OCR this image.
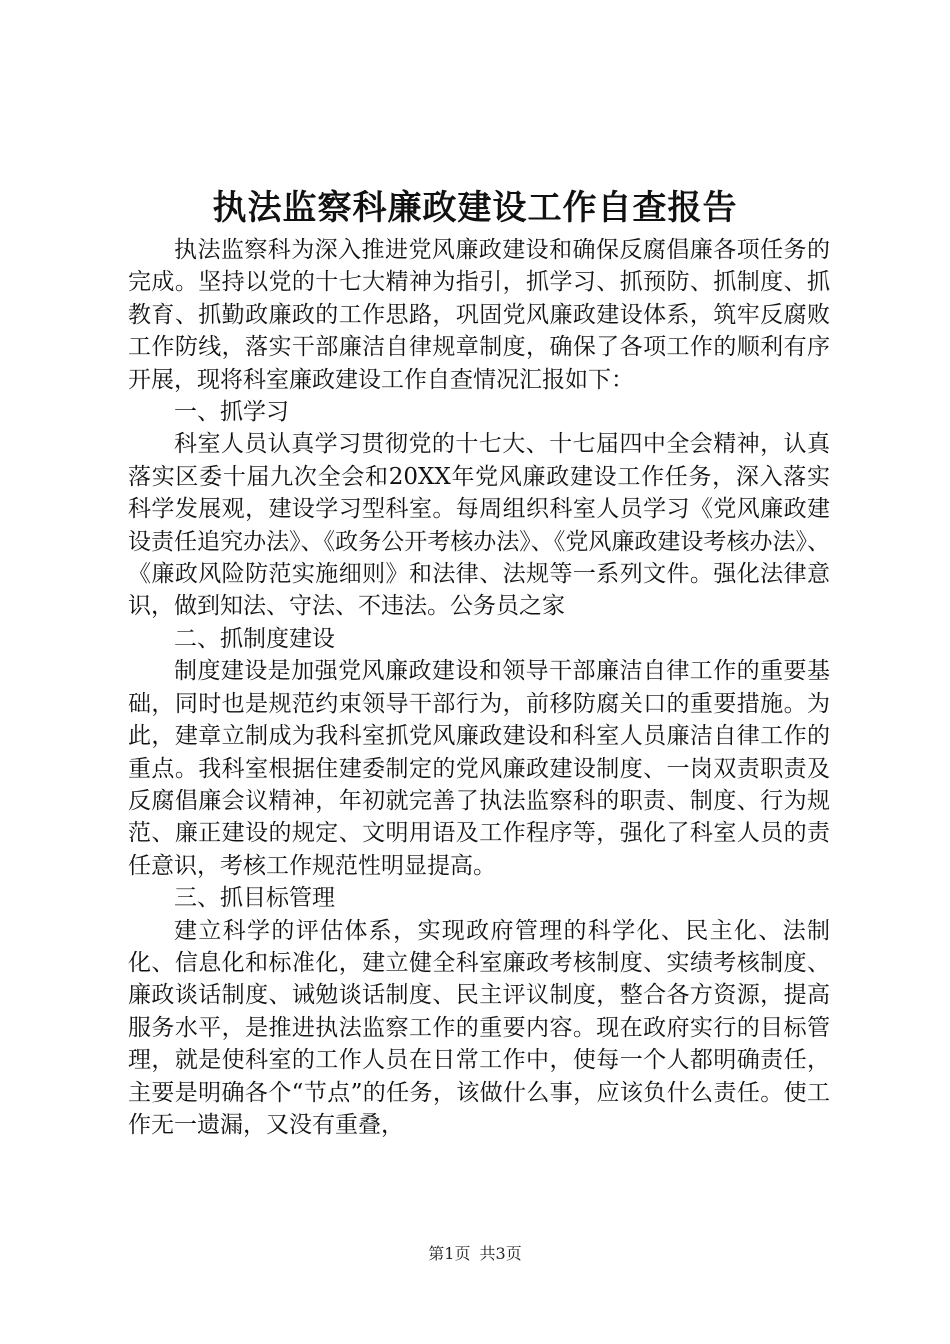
执法监察科廉政建设工作自查报告

执法监察科为深入推进党风廉政建设和确保反腐倡廉各项任务的完成。坚持以党的十七大精神为指引，抓学习、抓预防、抓制度、抓教育、抓勤政廉政的工作思路，巩固党风廉政建设体系，筑牢反腐败工作防线，落实干部廉洁自律规章制度，确保了各项工作的顺利有序开展，现将科室廉政建设工作自查情况汇报如下：

一、抓学习

科室人员认真学习贯彻党的十七大、十七届四中全会精神，认真落实区委十届九次全会和20XX年党风廉政建设工作任务，深入落实科学发展观，建设学习型科室。每周组织科室人员学习《党风廉政建设责任追究办法》、《政务公开考核办法》、《党风廉政建设考核办法》、《廉政风险防范实施细则》和法律、法规等一系列文件。强化法律意识，做到知法、守法、不违法。公务员之家

二、抓制度建设

制度建设是加强党风廉政建设和领导干部廉洁自律工作的重要基础，同时也是规范约束领导干部行为，前移防腐关口的重要措施。为此，建章立制成为我科室抓党风廉政建设和科室人员廉洁自律工作的重点。我科室根据住建委制定的党风廉政建设制度、一岗双责职责及反腐倡廉会议精神，年初就完善了执法监察科的职责、制度、行为规范、廉正建设的规定、文明用语及工作程序等，强化了科室人员的责任意识，考核工作规范性明显提高。

三、抓目标管理

建立科学的评估体系，实现政府管理的科学化、民主化、法制化、信息化和标准化，建立健全科室廉政考核制度、实绩考核制度、廉政谈话制度、诫勉谈话制度、民主评议制度，整合各方资源，提高服务水平，是推进执法监察工作的重要内容。现在政府实行的目标管理，就是使科室的工作人员在日常工作中，使每一个人都明确责任，主要是明确各个“节点”的任务，该做什么事，应该负什么责任。使工作无一遗漏，又没有重叠，

第1页 共3页
